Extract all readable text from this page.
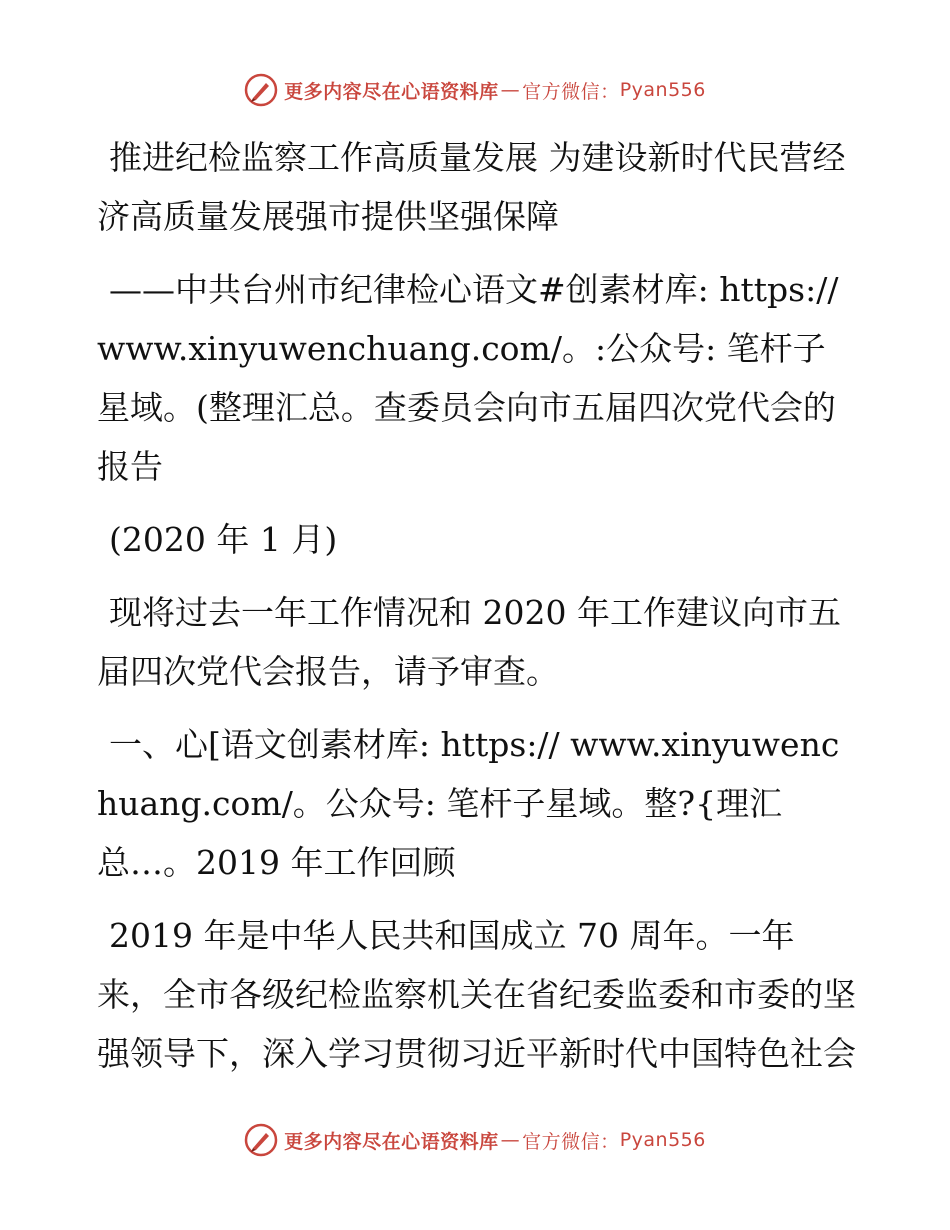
更多内容尽在心语资料库 — 官方微信： Pyan556

推进纪检监察工作高质量发展 为建设新时代民营经济高质量发展强市提供坚强保障

——中共台州市纪律检心语文#创素材库: https://www.xinyuwenchuang.com/。:公众号: 笔杆子星域。(整理汇总。查委员会向市五届四次党代会的报告

(2020 年 1 月)

现将过去一年工作情况和 2020 年工作建议向市五届四次党代会报告，请予审查。

一、心[语文创素材库: https:// www.xinyuwenchuang.com/。公众号: 笔杆子星域。整?{理汇总…。2019 年工作回顾

2019 年是中华人民共和国成立 70 周年。一年来，全市各级纪检监察机关在省纪委监委和市委的坚强领导下，深入学习贯彻习近平新时代中国特色社会

更多内容尽在心语资料库 — 官方微信： Pyan556
